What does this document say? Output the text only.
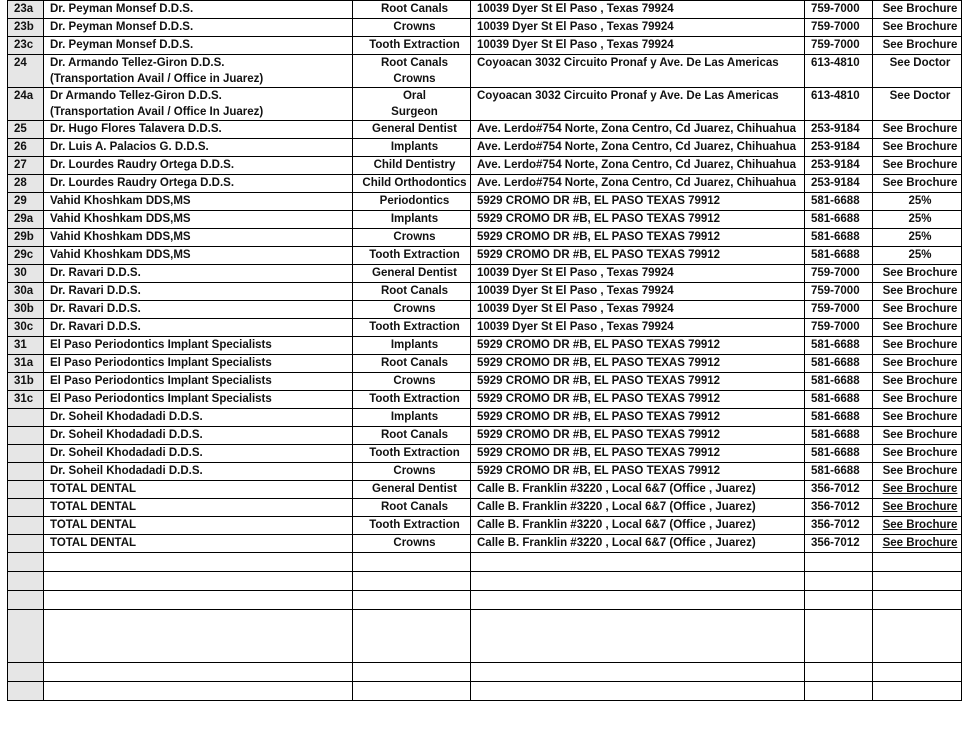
23a	Dr. Peyman Monsef D.D.S.	Root Canals	10039 Dyer St El Paso , Texas 79924	759-7000	See Brochure
23b	Dr. Peyman Monsef D.D.S.	Crowns	10039 Dyer St El Paso , Texas 79924	759-7000	See Brochure
23c	Dr. Peyman Monsef D.D.S.	Tooth Extraction	10039 Dyer St El Paso , Texas 79924	759-7000	See Brochure
24	Dr. Armando Tellez-Giron D.D.S.
(Transportation Avail / Office in Juarez)	Root Canals
Crowns	Coyoacan 3032 Circuito Pronaf y Ave. De Las Americas	613-4810	See Doctor
24a	Dr Armando Tellez-Giron D.D.S.
(Transportation Avail / Office In Juarez)	Oral
Surgeon	Coyoacan 3032 Circuito Pronaf y Ave. De Las Americas	613-4810	See Doctor
25	Dr. Hugo Flores Talavera D.D.S.	General Dentist	Ave. Lerdo#754 Norte, Zona Centro, Cd Juarez, Chihuahua	253-9184	See Brochure
26	Dr. Luis A. Palacios G. D.D.S.	Implants	Ave. Lerdo#754 Norte, Zona Centro, Cd Juarez, Chihuahua	253-9184	See Brochure
27	Dr. Lourdes Raudry Ortega D.D.S.	Child Dentistry	Ave. Lerdo#754 Norte, Zona Centro, Cd Juarez, Chihuahua	253-9184	See Brochure
28	Dr. Lourdes Raudry Ortega D.D.S.	Child Orthodontics	Ave. Lerdo#754 Norte, Zona Centro, Cd Juarez, Chihuahua	253-9184	See Brochure
29	Vahid Khoshkam DDS,MS	Periodontics	5929 CROMO DR #B, EL PASO TEXAS 79912	581-6688	25%
29a	Vahid Khoshkam DDS,MS	Implants	5929 CROMO DR #B, EL PASO TEXAS 79912	581-6688	25%
29b	Vahid Khoshkam DDS,MS	Crowns	5929 CROMO DR #B, EL PASO TEXAS 79912	581-6688	25%
29c	Vahid Khoshkam DDS,MS	Tooth Extraction	5929 CROMO DR #B, EL PASO TEXAS 79912	581-6688	25%
30	Dr. Ravari D.D.S.	General Dentist	10039 Dyer St El Paso , Texas 79924	759-7000	See Brochure
30a	Dr. Ravari D.D.S.	Root Canals	10039 Dyer St El Paso , Texas 79924	759-7000	See Brochure
30b	Dr. Ravari D.D.S.	Crowns	10039 Dyer St El Paso , Texas 79924	759-7000	See Brochure
30c	Dr. Ravari D.D.S.	Tooth Extraction	10039 Dyer St El Paso , Texas 79924	759-7000	See Brochure
31	El Paso Periodontics Implant Specialists	Implants	5929 CROMO DR #B, EL PASO TEXAS 79912	581-6688	See Brochure
31a	El Paso Periodontics Implant Specialists	Root Canals	5929 CROMO DR #B, EL PASO TEXAS 79912	581-6688	See Brochure
31b	El Paso Periodontics Implant Specialists	Crowns	5929 CROMO DR #B, EL PASO TEXAS 79912	581-6688	See Brochure
31c	El Paso Periodontics Implant Specialists	Tooth Extraction	5929 CROMO DR #B, EL PASO TEXAS 79912	581-6688	See Brochure

	Dr. Soheil Khodadadi D.D.S.	Implants	5929 CROMO DR #B, EL PASO TEXAS 79912	581-6688	See Brochure

	Dr. Soheil Khodadadi D.D.S.	Root Canals	5929 CROMO DR #B, EL PASO TEXAS 79912	581-6688	See Brochure

	Dr. Soheil Khodadadi D.D.S.	Tooth Extraction	5929 CROMO DR #B, EL PASO TEXAS 79912	581-6688	See Brochure

	Dr. Soheil Khodadadi D.D.S.	Crowns	5929 CROMO DR #B, EL PASO TEXAS 79912	581-6688	See Brochure

	TOTAL DENTAL	General Dentist	Calle B. Franklin #3220 , Local 6&7 (Office , Juarez)	356-7012	See Brochure

	TOTAL DENTAL	Root Canals	Calle B. Franklin #3220 , Local 6&7 (Office , Juarez)	356-7012	See Brochure

	TOTAL DENTAL	Tooth Extraction	Calle B. Franklin #3220 , Local 6&7 (Office , Juarez)	356-7012	See Brochure

	TOTAL DENTAL	Crowns	Calle B. Franklin #3220 , Local 6&7 (Office , Juarez)	356-7012	See Brochure
